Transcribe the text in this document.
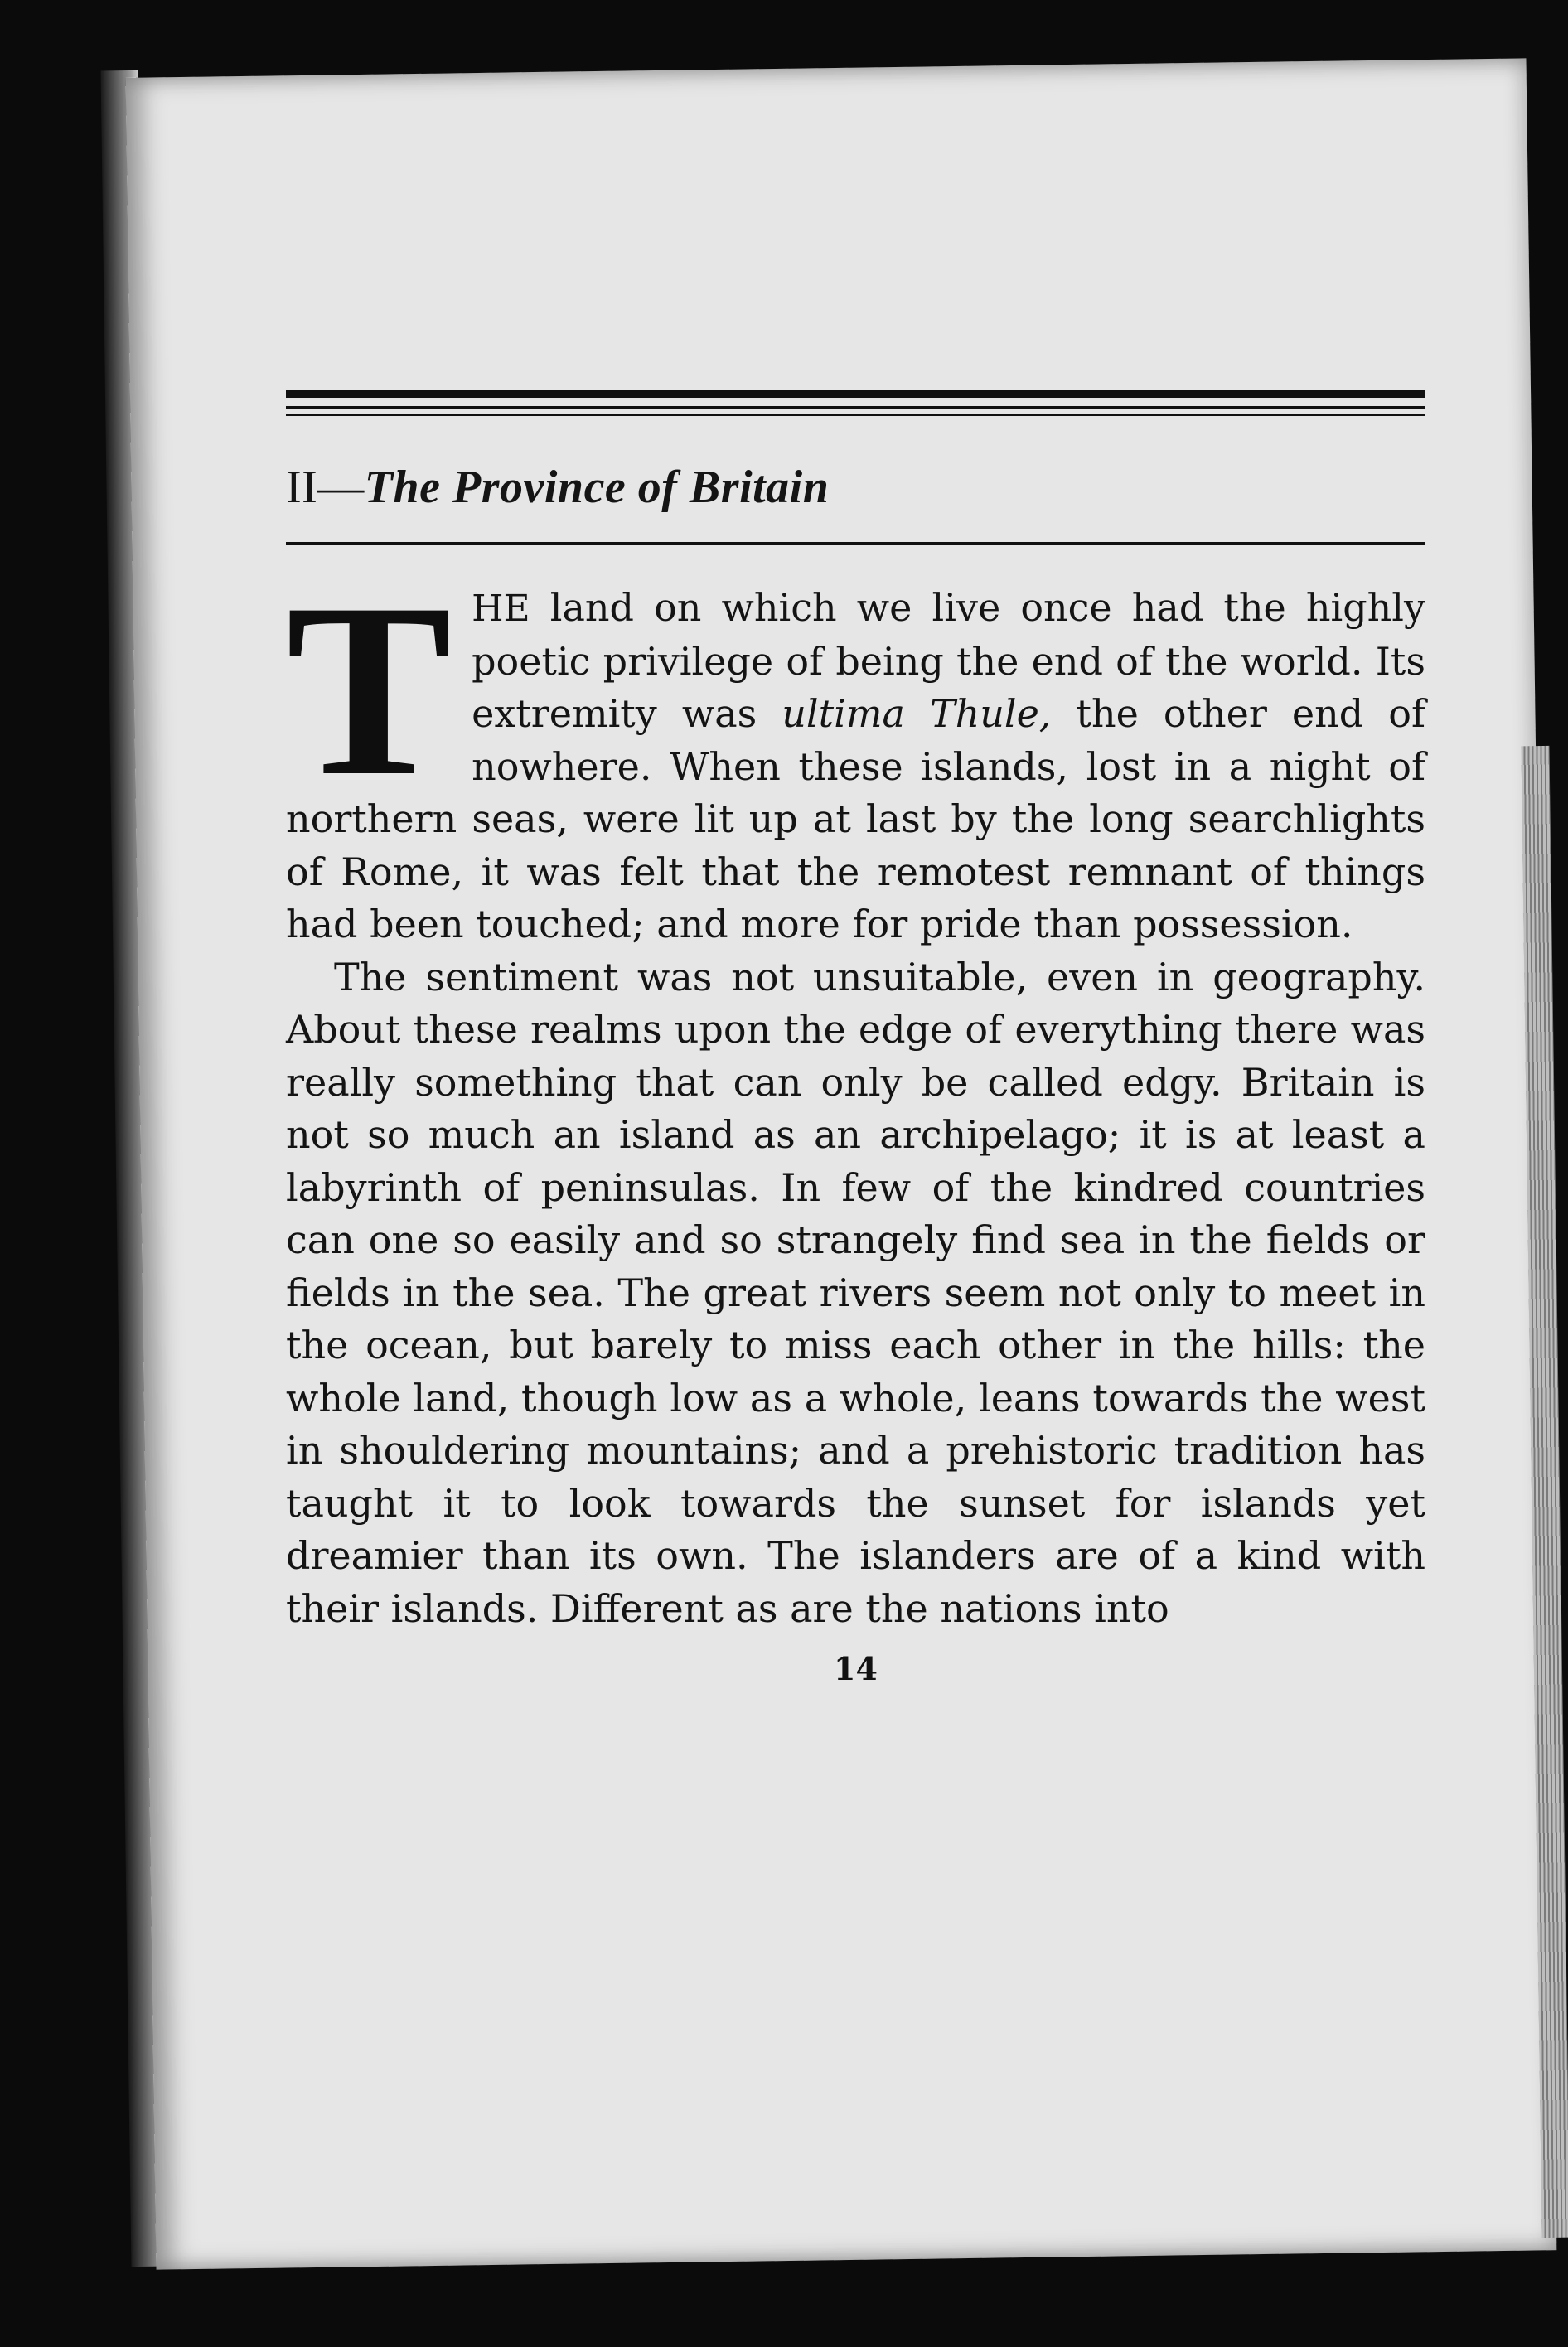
II—The Province of Britain

THE land on which we live once had the highly poetic privilege of being the end of the world. Its extremity was ultima Thule, the other end of nowhere. When these islands, lost in a night of northern seas, were lit up at last by the long searchlights of Rome, it was felt that the remotest remnant of things had been touched; and more for pride than possession.

The sentiment was not unsuitable, even in geography. About these realms upon the edge of everything there was really something that can only be called edgy. Britain is not so much an island as an archipelago; it is at least a labyrinth of peninsulas. In few of the kindred countries can one so easily and so strangely find sea in the fields or fields in the sea. The great rivers seem not only to meet in the ocean, but barely to miss each other in the hills: the whole land, though low as a whole, leans towards the west in shouldering mountains; and a prehistoric tradition has taught it to look towards the sunset for islands yet dreamier than its own. The islanders are of a kind with their islands. Different as are the nations into

14
